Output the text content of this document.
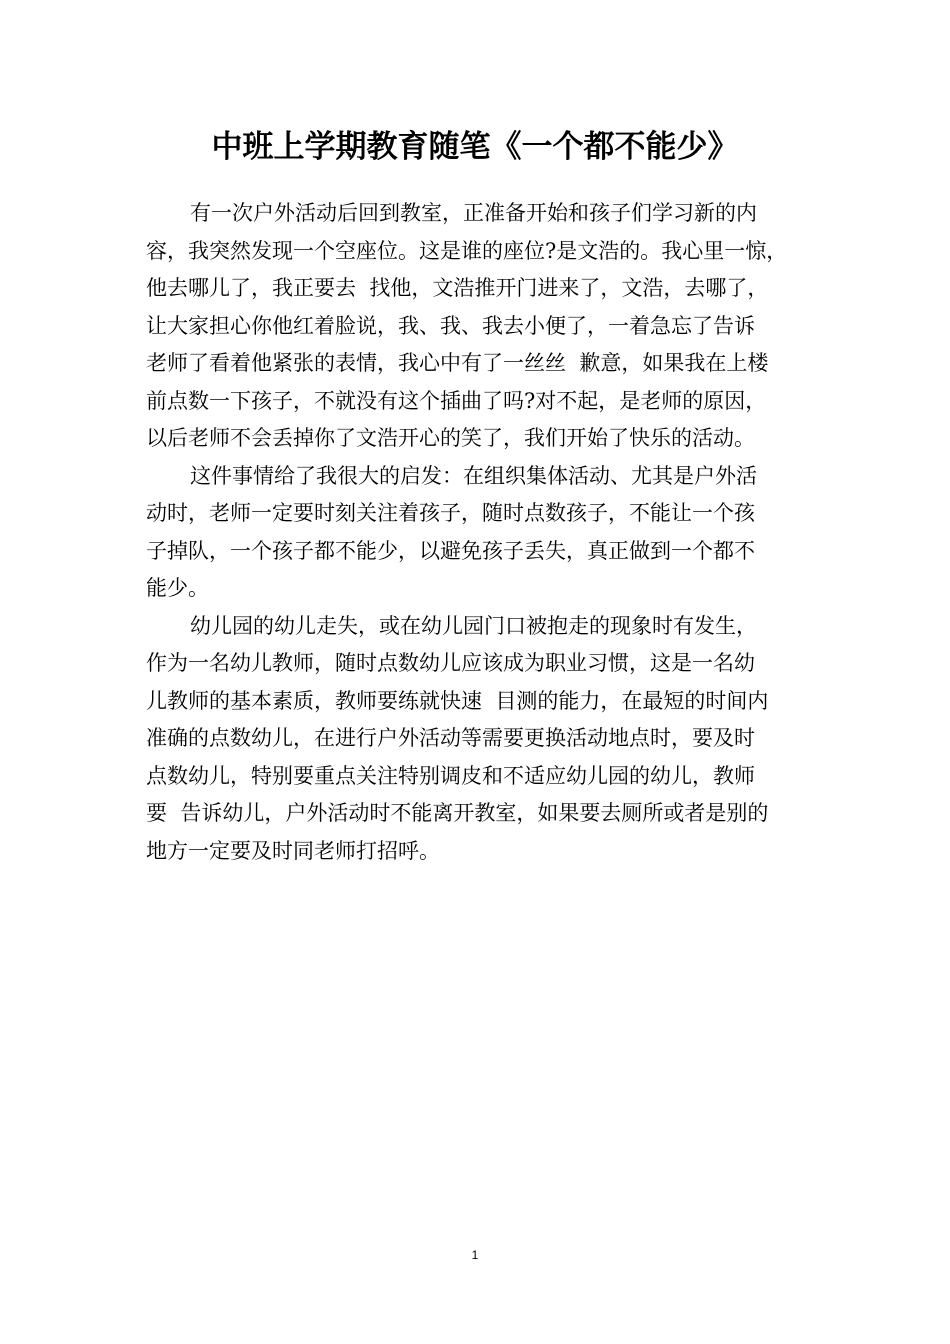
中班上学期教育随笔《一个都不能少》
有一次户外活动后回到教室，正准备开始和孩子们学习新的内
容，我突然发现一个空座位。这是谁的座位?是文浩的。我心里一惊，
他去哪儿了，我正要去  找他，文浩推开门进来了，文浩，去哪了，
让大家担心你他红着脸说，我、我、我去小便了，一着急忘了告诉
老师了看着他紧张的表情，我心中有了一丝丝  歉意，如果我在上楼
前点数一下孩子，不就没有这个插曲了吗?对不起，是老师的原因，
以后老师不会丢掉你了文浩开心的笑了，我们开始了快乐的活动。
这件事情给了我很大的启发：在组织集体活动、尤其是户外活
动时，老师一定要时刻关注着孩子，随时点数孩子，不能让一个孩
子掉队，一个孩子都不能少，以避免孩子丢失，真正做到一个都不
能少。
幼儿园的幼儿走失，或在幼儿园门口被抱走的现象时有发生，
作为一名幼儿教师，随时点数幼儿应该成为职业习惯，这是一名幼
儿教师的基本素质，教师要练就快速  目测的能力，在最短的时间内
准确的点数幼儿，在进行户外活动等需要更换活动地点时，要及时
点数幼儿，特别要重点关注特别调皮和不适应幼儿园的幼儿，教师
要  告诉幼儿，户外活动时不能离开教室，如果要去厕所或者是别的
地方一定要及时同老师打招呼。
1
